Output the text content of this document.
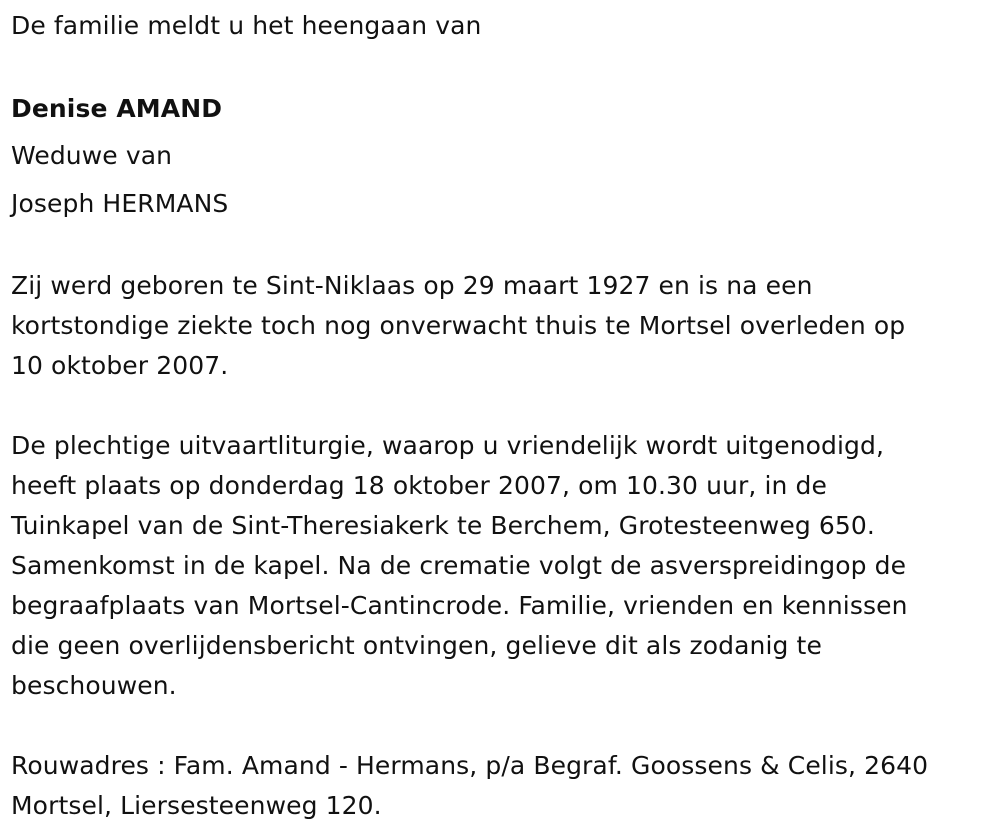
De familie meldt u het heengaan van
Denise AMAND
Weduwe van
Joseph HERMANS
Zij werd geboren te Sint-Niklaas op 29 maart 1927 en is na een
kortstondige ziekte toch nog onverwacht thuis te Mortsel overleden op
10 oktober 2007.
De plechtige uitvaartliturgie, waarop u vriendelijk wordt uitgenodigd,
heeft plaats op donderdag 18 oktober 2007, om 10.30 uur, in de
Tuinkapel van de Sint-Theresiakerk te Berchem, Grotesteenweg 650.
Samenkomst in de kapel. Na de crematie volgt de asverspreidingop de
begraafplaats van Mortsel-Cantincrode. Familie, vrienden en kennissen
die geen overlijdensbericht ontvingen, gelieve dit als zodanig te
beschouwen.
Rouwadres : Fam. Amand - Hermans, p/a Begraf. Goossens & Celis, 2640
Mortsel, Liersesteenweg 120.
